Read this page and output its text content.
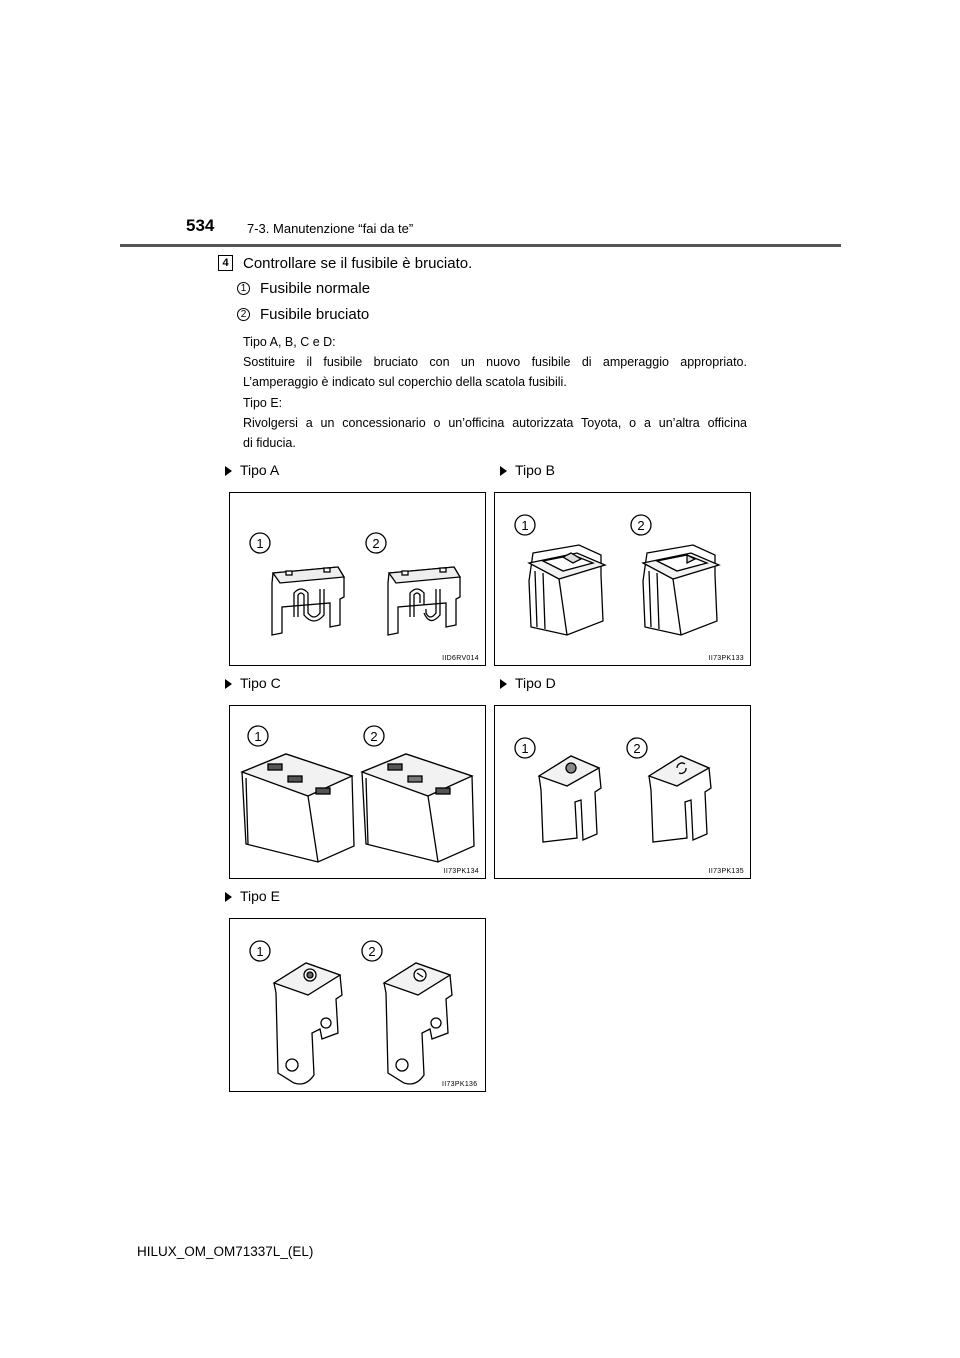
534	7-3. Manutenzione “fai da te”
4 Controllare se il fusibile è bruciato.
1 Fusibile normale
2 Fusibile bruciato
Tipo A, B, C e D:
Sostituire il fusibile bruciato con un nuovo fusibile di amperaggio appropriato.
L’amperaggio è indicato sul coperchio della scatola fusibili.
Tipo E:
Rivolgersi a un concessionario o un’officina autorizzata Toyota, o a un’altra officina
di fiducia.
Tipo A	Tipo B
Tipo C	Tipo D
Tipo E
1	2
IID6RV014
1	2
II73PK133
1	2
II73PK134
1	2
II73PK135
1	2
II73PK136
HILUX_OM_OM71337L_(EL)
